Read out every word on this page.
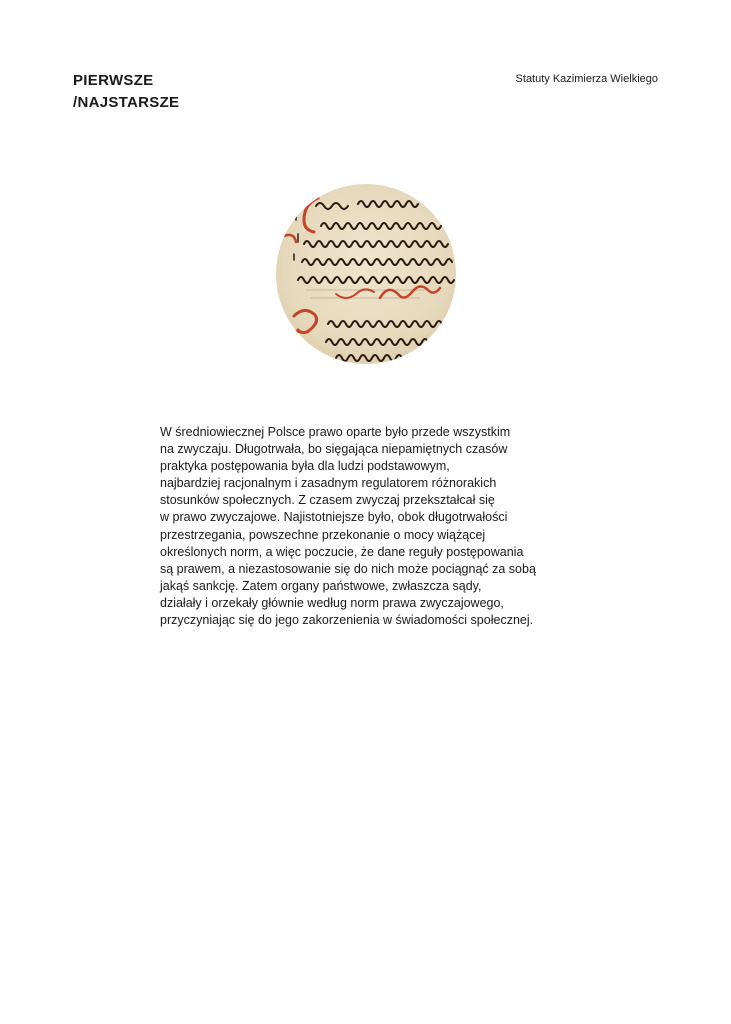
PIERWSZE
/NAJSTARSZE
Statuty Kazimierza Wielkiego
W średniowiecznej Polsce prawo oparte było przede wszystkim
na zwyczaju. Długotrwała, bo sięgająca niepamiętnych czasów
praktyka postępowania była dla ludzi podstawowym,
najbardziej racjonalnym i zasadnym regulatorem różnorakich
stosunków społecznych. Z czasem zwyczaj przekształcał się
w prawo zwyczajowe. Najistotniejsze było, obok długotrwałości
przestrzegania, powszechne przekonanie o mocy wiążącej
określonych norm, a więc poczucie, że dane reguły postępowania
są prawem, a niezastosowanie się do nich może pociągnąć za sobą
jakąś sankcję. Zatem organy państwowe, zwłaszcza sądy,
działały i orzekały głównie według norm prawa zwyczajowego,
przyczyniając się do jego zakorzenienia w świadomości społecznej.
